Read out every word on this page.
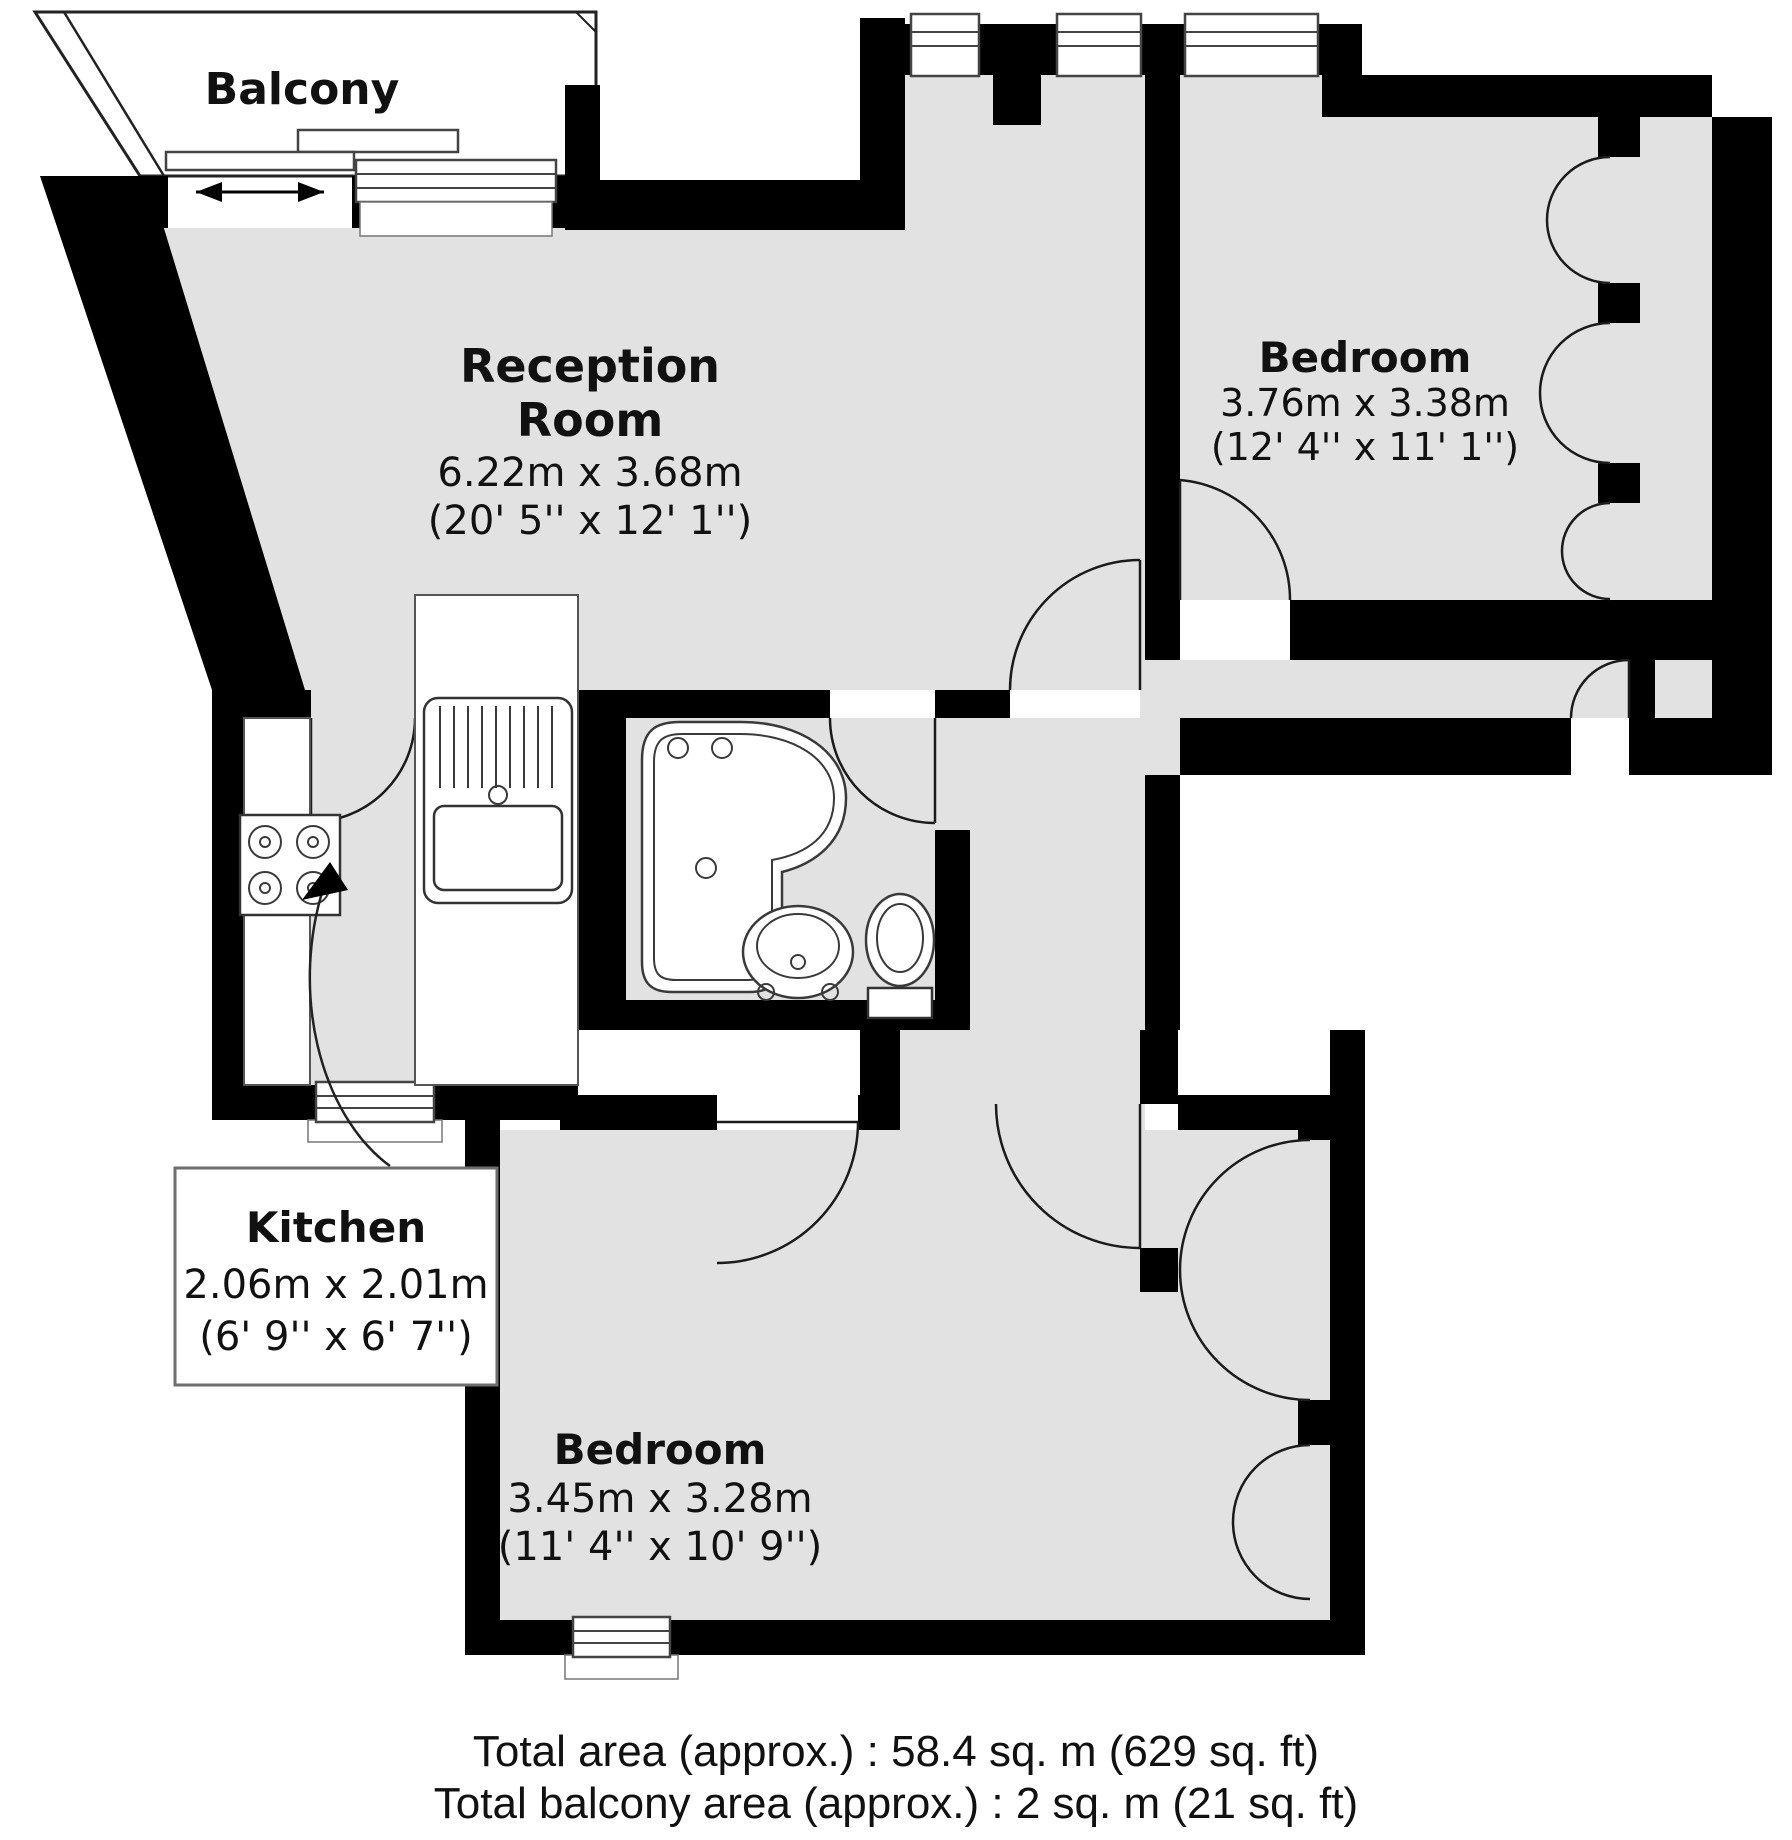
Balcony
Kitchen
2.06m x 2.01m
(6' 9'' x 6' 7'')
Reception
Room
6.22m x 3.68m
(20' 5'' x 12' 1'')
Bedroom
3.76m x 3.38m
(12' 4'' x 11' 1'')
Bedroom
3.45m x 3.28m
(11' 4'' x 10' 9'')
Total area (approx.) : 58.4 sq. m (629 sq. ft)
Total balcony area (approx.) : 2 sq. m (21 sq. ft)
